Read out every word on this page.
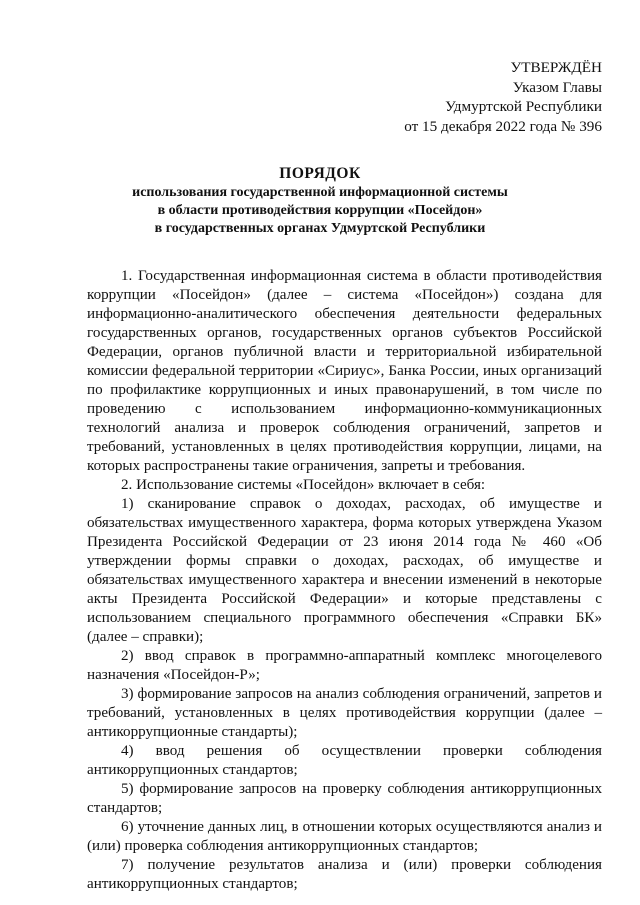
УТВЕРЖДЁН
Указом Главы
Удмуртской Республики
от 15 декабря 2022 года № 396
ПОРЯДОК
использования государственной информационной системы
в области противодействия коррупции «Посейдон»
в государственных органах Удмуртской Республики

1. Государственная информационная система в области противодействия коррупции «Посейдон» (далее – система «Посейдон») создана для информационно-аналитического обеспечения деятельности федеральных государственных органов, государственных органов субъектов Российской Федерации, органов публичной власти и территориальной избирательной комиссии федеральной территории «Сириус», Банка России, иных организаций по профилактике коррупционных и иных правонарушений, в том числе по проведению с использованием информационно-коммуникационных технологий анализа и проверок соблюдения ограничений, запретов и требований, установленных в целях противодействия коррупции, лицами, на которых распространены такие ограничения, запреты и требования.

2. Использование системы «Посейдон» включает в себя:

1) сканирование справок о доходах, расходах, об имуществе и обязательствах имущественного характера, форма которых утверждена Указом Президента Российской Федерации от 23 июня 2014 года № 460 «Об утверждении формы справки о доходах, расходах, об имуществе и обязательствах имущественного характера и внесении изменений в некоторые акты Президента Российской Федерации» и которые представлены с использованием специального программного обеспечения «Справки БК» (далее – справки);

2) ввод справок в программно-аппаратный комплекс многоцелевого назначения «Посейдон-Р»;

3) формирование запросов на анализ соблюдения ограничений, запретов и требований, установленных в целях противодействия коррупции (далее – антикоррупционные стандарты);

4) ввод решения об осуществлении проверки соблюдения антикоррупционных стандартов;

5) формирование запросов на проверку соблюдения антикоррупционных стандартов;

6) уточнение данных лиц, в отношении которых осуществляются анализ и (или) проверка соблюдения антикоррупционных стандартов;

7) получение результатов анализа и (или) проверки соблюдения антикоррупционных стандартов;
